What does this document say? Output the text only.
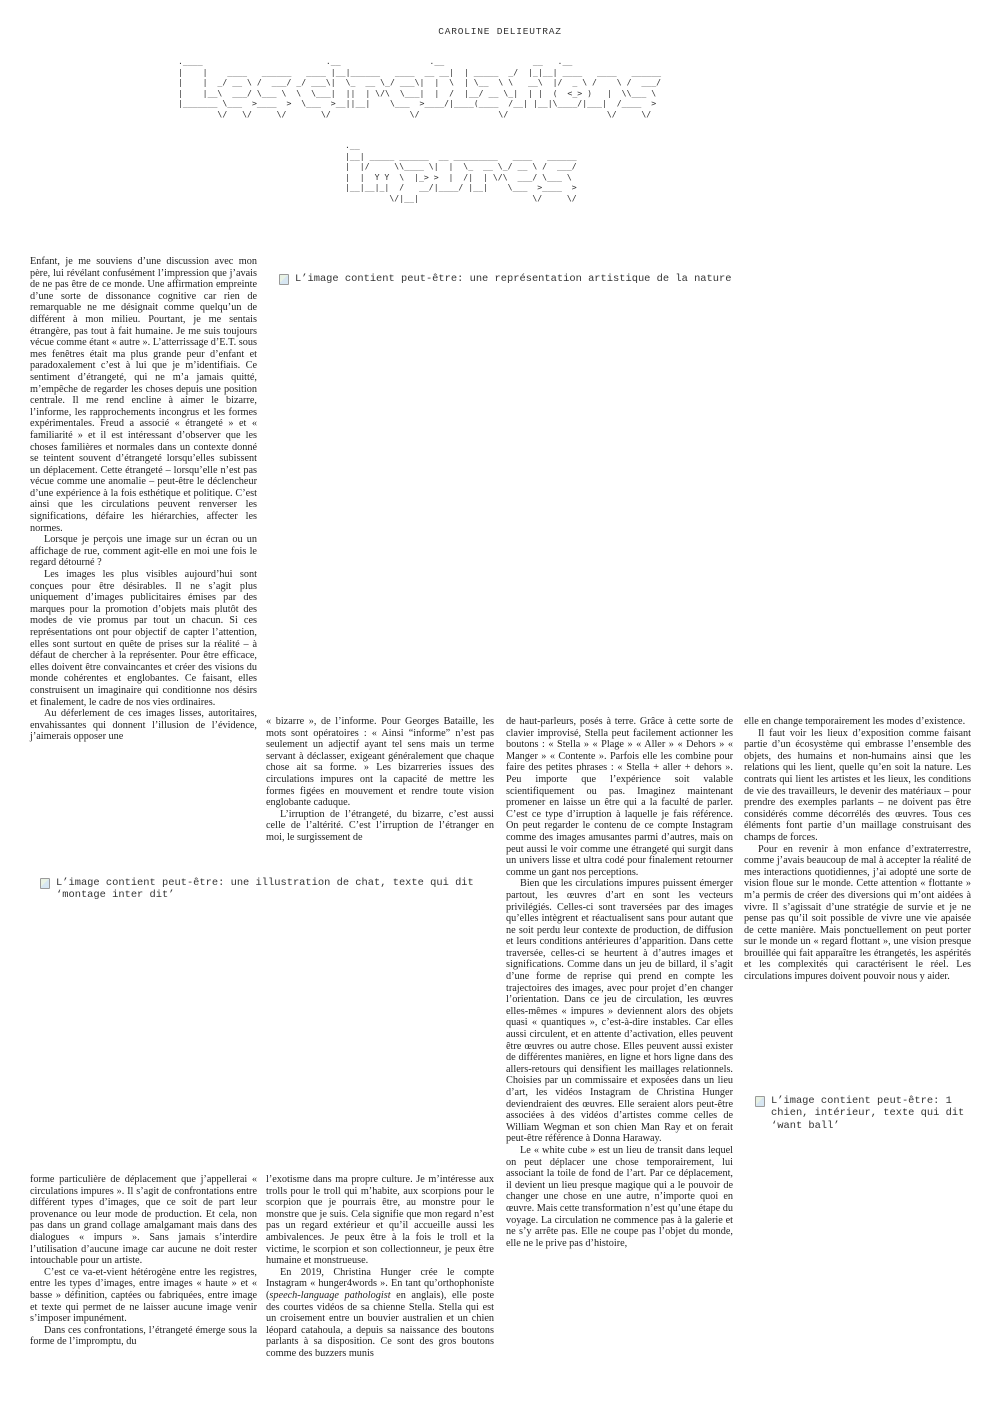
CAROLINE DELIEUTRAZ
.____                         .__                  .__                  __   .__
|    |    ____   ______   ____ |__|______   ____  __ __|  | _____  _/  |_|__| ____   ____   ______
|    |  _/ __ \ /  ___/ _/ ___\|  \_  __ \_/ ___\|  |  \  | \__  \ \   __\  |/  _ \ /    \ /  ___/
|    |__\  ___/ \___ \  \  \___|  ||  | \/\  \___|  |  /  |__/ __ \_|  | |  (  <_> )   |  \\___ \
|_______ \___  >____  >  \___  >__||__|    \___  >____/|____(____  /__| |__|\____/|___|  /____  >
\/   \/     \/       \/                \/                \/                    \/     \/
.__
|__| _____ ______  __ _________   ____   ______
|  |/     \\____ \|  |  \_  __ \_/ __ \ /  ___/
|  |  Y Y  \  |_> >  |  /|  | \/\  ___/ \___ \
|__|__|_|  /   __/|____/ |__|    \___  >____  >
\/|__|                       \/     \/

Enfant, je me souviens d’une discussion avec mon père, lui révélant confusément l’impression que j’avais de ne pas être de ce monde. Une affirmation empreinte d’une sorte de dissonance cognitive car rien de remarquable ne me désignait comme quelqu’un de différent à mon milieu. Pourtant, je me sentais étrangère, pas tout à fait humaine. Je me suis toujours vécue comme étant « autre ». L’atterrissage d’E.T. sous mes fenêtres était ma plus grande peur d’enfant et paradoxalement c’est à lui que je m’identifiais. Ce sentiment d’étrangeté, qui ne m’a jamais quitté, m’empêche de regarder les choses depuis une position centrale. Il me rend encline à aimer le bizarre, l’informe, les rapprochements incongrus et les formes expérimentales. Freud a associé « étrangeté » et « familiarité » et il est intéressant d’observer que les choses familières et normales dans un contexte donné se teintent souvent d’étrangeté lorsqu’elles subissent un déplacement. Cette étrangeté – lorsqu’elle n’est pas vécue comme une anomalie – peut-être le déclencheur d’une expérience à la fois esthétique et politique. C’est ainsi que les circulations peuvent renverser les significations, défaire les hiérarchies, affecter les normes.

Lorsque je perçois une image sur un écran ou un affichage de rue, comment agit-elle en moi une fois le regard détourné ?

Les images les plus visibles aujourd’hui sont conçues pour être désirables. Il ne s’agit plus uniquement d’images publicitaires émises par des marques pour la promotion d’objets mais plutôt des modes de vie promus par tout un chacun. Si ces représentations ont pour objectif de capter l’attention, elles sont surtout en quête de prises sur la réalité – à défaut de chercher à la représenter. Pour être efficace, elles doivent être convaincantes et créer des visions du monde cohérentes et englobantes. Ce faisant, elles construisent un imaginaire qui conditionne nos désirs et finalement, le cadre de nos vies ordinaires.

Au déferlement de ces images lisses, autoritaires, envahissantes qui donnent l’illusion de l’évidence, j’aimerais opposer une

L’image contient peut-être: une représentation artistique de la nature

« bizarre », de l’informe. Pour Georges Bataille, les mots sont opératoires : « Ainsi “informe” n’est pas seulement un adjectif ayant tel sens mais un terme servant à déclasser, exigeant généralement que chaque chose ait sa forme. » Les bizarreries issues des circulations impures ont la capacité de mettre les formes figées en mouvement et rendre toute vision englobante caduque.

L’irruption de l’étrangeté, du bizarre, c’est aussi celle de l’altérité. C’est l’irruption de l’étranger en moi, le surgissement de

de haut-parleurs, posés à terre. Grâce à cette sorte de clavier improvisé, Stella peut facilement actionner les boutons : « Stella » « Plage » « Aller » « Dehors » « Manger » « Contente ». Parfois elle les combine pour faire des petites phrases : « Stella + aller + dehors ». Peu importe que l’expérience soit valable scientifiquement ou pas. Imaginez maintenant promener en laisse un être qui a la faculté de parler. C’est ce type d’irruption à laquelle je fais référence. On peut regarder le contenu de ce compte Instagram comme des images amusantes parmi d’autres, mais on peut aussi le voir comme une étrangeté qui surgit dans un univers lisse et ultra codé pour finalement retourner comme un gant nos perceptions.

Bien que les circulations impures puissent émerger partout, les œuvres d’art en sont les vecteurs privilégiés. Celles-ci sont traversées par des images qu’elles intègrent et réactualisent sans pour autant que ne soit perdu leur contexte de production, de diffusion et leurs conditions antérieures d’apparition. Dans cette traversée, celles-ci se heurtent à d’autres images et significations. Comme dans un jeu de billard, il s’agit d’une forme de reprise qui prend en compte les trajectoires des images, avec pour projet d’en changer l’orientation. Dans ce jeu de circulation, les œuvres elles-mêmes « impures » deviennent alors des objets quasi « quantiques », c’est-à-dire instables. Car elles aussi circulent, et en attente d’activation, elles peuvent être œuvres ou autre chose. Elles peuvent aussi exister de différentes manières, en ligne et hors ligne dans des allers-retours qui densifient les maillages relationnels. Choisies par un commissaire et exposées dans un lieu d’art, les vidéos Instagram de Christina Hunger deviendraient des œuvres. Elle seraient alors peut-être associées à des vidéos d’artistes comme celles de William Wegman et son chien Man Ray et on ferait peut-être référence à Donna Haraway.

Le « white cube » est un lieu de transit dans lequel on peut déplacer une chose temporairement, lui associant la toile de fond de l’art. Par ce déplacement, il devient un lieu presque magique qui a le pouvoir de changer une chose en une autre, n’importe quoi en œuvre. Mais cette transformation n’est qu’une étape du voyage. La circulation ne commence pas à la galerie et ne s’y arrête pas. Elle ne coupe pas l’objet du monde, elle ne le prive pas d’histoire,

elle en change temporairement les modes d’existence.

Il faut voir les lieux d’exposition comme faisant partie d’un écosystème qui embrasse l’ensemble des objets, des humains et non-humains ainsi que les relations qui les lient, quelle qu’en soit la nature. Les contrats qui lient les artistes et les lieux, les conditions de vie des travailleurs, le devenir des matériaux – pour prendre des exemples parlants – ne doivent pas être considérés comme décorrélés des œuvres. Tous ces éléments font partie d’un maillage construisant des champs de forces.

Pour en revenir à mon enfance d’extraterrestre, comme j’avais beaucoup de mal à accepter la réalité de mes interactions quotidiennes, j’ai adopté une sorte de vision floue sur le monde. Cette attention « flottante » m’a permis de créer des diversions qui m’ont aidées à vivre. Il s’agissait d’une stratégie de survie et je ne pense pas qu’il soit possible de vivre une vie apaisée de cette manière. Mais ponctuellement on peut porter sur le monde un « regard flottant », une vision presque brouillée qui fait apparaître les étrangetés, les aspérités et les complexités qui caractérisent le réel. Les circulations impures doivent pouvoir nous y aider.

L’image contient peut-être: une illustration de chat, texte qui dit ‘montage inter dit’
L’image contient peut-être: 1 chien, intérieur, texte qui dit ‘want ball’

forme particulière de déplacement que j’appellerai « circulations impures ». Il s’agit de confrontations entre différent types d’images, que ce soit de part leur provenance ou leur mode de production. Et cela, non pas dans un grand collage amalgamant mais dans des dialogues « impurs ». Sans jamais s’interdire l’utilisation d’aucune image car aucune ne doit rester intouchable pour un artiste.

C’est ce va-et-vient hétérogène entre les registres, entre les types d’images, entre images « haute » et « basse » définition, captées ou fabriquées, entre image et texte qui permet de ne laisser aucune image venir s’imposer impunément.

Dans ces confrontations, l’étrangeté émerge sous la forme de l’impromptu, du

l’exotisme dans ma propre culture. Je m’intéresse aux trolls pour le troll qui m’habite, aux scorpions pour le scorpion que je pourrais être, au monstre pour le monstre que je suis. Cela signifie que mon regard n’est pas un regard extérieur et qu’il accueille aussi les ambivalences. Je peux être à la fois le troll et la victime, le scorpion et son collectionneur, je peux être humaine et monstrueuse.

En 2019, Christina Hunger crée le compte Instagram « hunger4words ». En tant qu’orthophoniste (speech-language pathologist en anglais), elle poste des courtes vidéos de sa chienne Stella. Stella qui est un croisement entre un bouvier australien et un chien léopard catahoula, a depuis sa naissance des boutons parlants à sa disposition. Ce sont des gros boutons comme des buzzers munis
